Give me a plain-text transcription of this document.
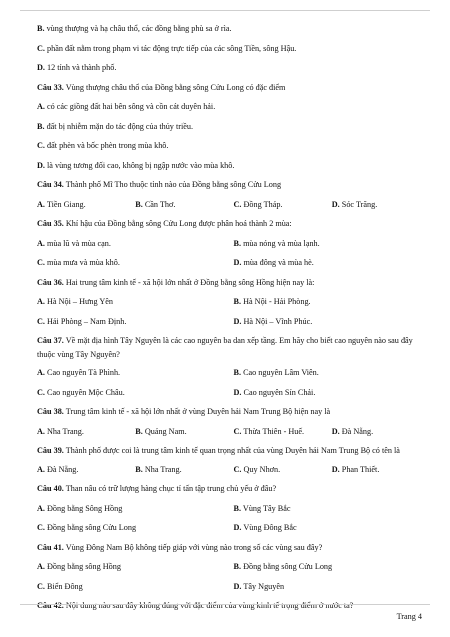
B. vùng thượng và hạ châu thổ, các đồng bằng phù sa ở rìa.
C. phần đất nằm trong phạm vi tác động trực tiếp của các sông Tiền, sông Hậu.
D. 12 tỉnh và thành phố.
Câu 33. Vùng thượng châu thổ của Đồng bằng sông Cửu Long có đặc điểm
A. có các giồng đất hai bên sông và cồn cát duyên hải.
B. đất bị nhiễm mặn do tác động của thủy triều.
C. đất phèn và bốc phèn trong mùa khô.
D. là vùng tương đối cao, không bị ngập nước vào mùa khô.
Câu 34. Thành phố Mĩ Tho thuộc tỉnh nào của Đồng bằng sông Cửu Long
A. Tiền Giang.	B. Cần Thơ.	C. Đồng Tháp.	D. Sóc Trăng.
Câu 35. Khí hậu của Đồng bằng sông Cửu Long được phân hoá thành 2 mùa:
A. mùa lũ và mùa cạn.	B. mùa nóng và mùa lạnh.
C. mùa mưa và mùa khô.	D. mùa đông và mùa hè.
Câu 36. Hai trung tâm kinh tế - xã hội lớn nhất ở Đồng bằng sông Hồng hiện nay là:
A. Hà Nội – Hưng Yên	B. Hà Nội - Hải Phòng.
C. Hải Phòng – Nam Định.	D. Hà Nội – Vĩnh Phúc.
Câu 37. Về mặt địa hình Tây Nguyên là các cao nguyên ba dan xếp tầng. Em hãy cho biết cao nguyên nào sau đây thuộc vùng Tây Nguyên?
A. Cao nguyên Tà Phình.	B. Cao nguyên Lâm Viên.
C. Cao nguyên Mộc Châu.	D. Cao nguyên Sín Chải.
Câu 38. Trung tâm kinh tế - xã hội lớn nhất ở vùng Duyên hải Nam Trung Bộ hiện nay là
A. Nha Trang.	B. Quảng Nam.	C. Thừa Thiên - Huế.	D. Đà Nẵng.
Câu 39. Thành phố được coi là trung tâm kinh tế quan trọng nhất của vùng Duyên hải Nam Trung Bộ có tên là
A. Đà Nẵng.	B. Nha Trang.	C. Quy Nhơn.	D. Phan Thiết.
Câu 40. Than nâu có trữ lượng hàng chục tỉ tấn tập trung chủ yếu ở đâu?
A. Đồng bằng Sông Hồng	B. Vùng Tây Bắc
C. Đồng bằng sông Cửu Long	D. Vùng Đông Bắc
Câu 41. Vùng Đông Nam Bộ không tiếp giáp với vùng nào trong số các vùng sau đây?
A. Đồng bằng sông Hồng	B. Đồng bằng sông Cửu Long
C. Biển Đông	D. Tây Nguyên
Câu 42. Nội dung nào sau đây không đúng với đặc điểm của vùng kinh tế trọng điểm ở nước ta?
Trang 4
